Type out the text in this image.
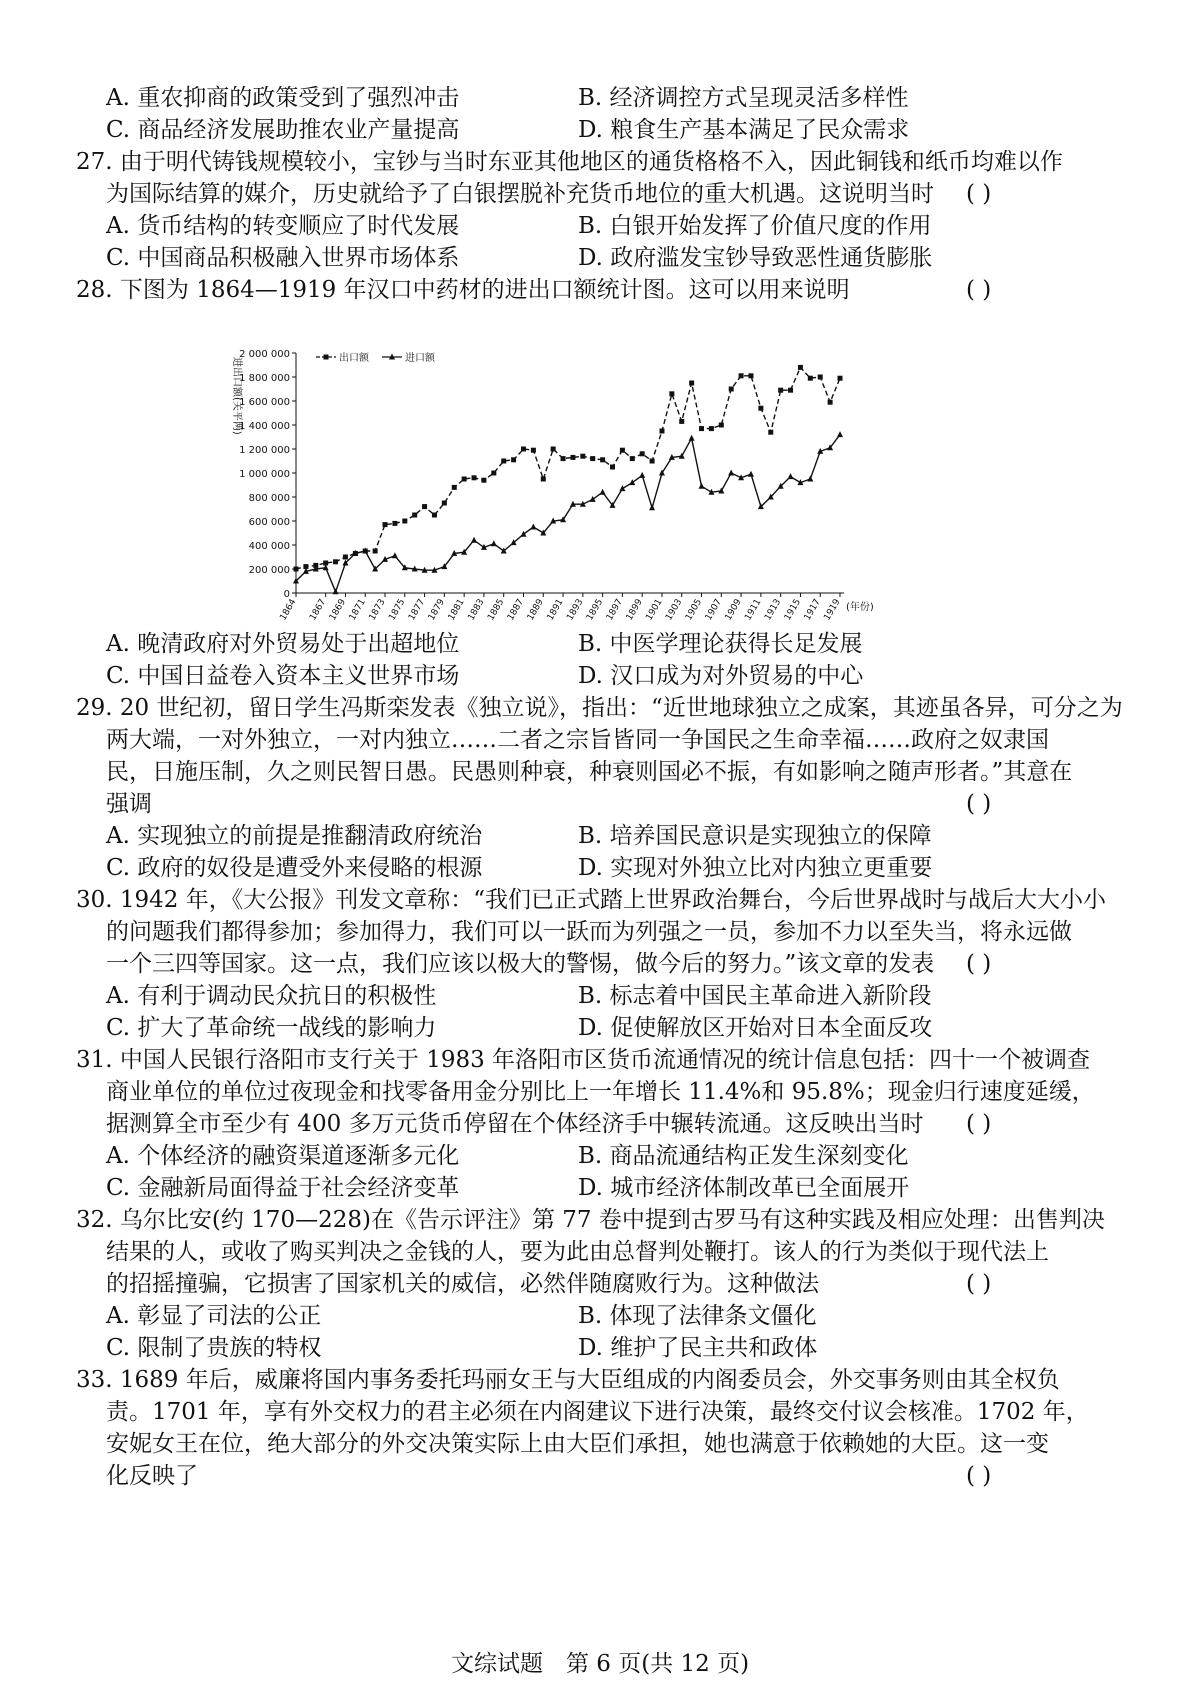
A. 重农抑商的政策受到了强烈冲击	B. 经济调控方式呈现灵活多样性
C. 商品经济发展助推农业产量提高	D. 粮食生产基本满足了民众需求
27. 由于明代铸钱规模较小，宝钞与当时东亚其他地区的通货格格不入，因此铜钱和纸币均难以作
为国际结算的媒介，历史就给予了白银摆脱补充货币地位的重大机遇。这说明当时 ( )
A. 货币结构的转变顺应了时代发展	B. 白银开始发挥了价值尺度的作用
C. 中国商品积极融入世界市场体系	D. 政府滥发宝钞导致恶性通货膨胀
28. 下图为 1864—1919 年汉口中药材的进出口额统计图。这可以用来说明	( )
0
200 000
400 000
600 000
800 000
1 000 000
1 200 000
1 400 000
1 600 000
1 800 000
2 000 000
1864 1867 1869 1871 1873 1875 1877 1879 1881 1883 1885 1887 1889 1891 1893 1895 1897 1899 1901 1903 1905 1907 1909 1911 1913 1915 1917 1919 (年份)
进出口额(关平两)	出口额	进口额
A. 晚清政府对外贸易处于出超地位	B. 中医学理论获得长足发展
C. 中国日益卷入资本主义世界市场	D. 汉口成为对外贸易的中心
29. 20 世纪初，留日学生冯斯栾发表《独立说》，指出：“近世地球独立之成案，其迹虽各异，可分之为
两大端，一对外独立，一对内独立……二者之宗旨皆同一争国民之生命幸福……政府之奴隶国
民，日施压制，久之则民智日愚。民愚则种衰，种衰则国必不振，有如影响之随声形者。”其意在
强调	( )
A. 实现独立的前提是推翻清政府统治	B. 培养国民意识是实现独立的保障
C. 政府的奴役是遭受外来侵略的根源	D. 实现对外独立比对内独立更重要
30. 1942 年，《大公报》刊发文章称：“我们已正式踏上世界政治舞台，今后世界战时与战后大大小小
的问题我们都得参加；参加得力，我们可以一跃而为列强之一员，参加不力以至失当，将永远做
一个三四等国家。这一点，我们应该以极大的警惕，做今后的努力。”该文章的发表 ( )
A. 有利于调动民众抗日的积极性	B. 标志着中国民主革命进入新阶段
C. 扩大了革命统一战线的影响力	D. 促使解放区开始对日本全面反攻
31. 中国人民银行洛阳市支行关于 1983 年洛阳市区货币流通情况的统计信息包括：四十一个被调查
商业单位的单位过夜现金和找零备用金分别比上一年增长 11.4%和 95.8%；现金归行速度延缓，
据测算全市至少有 400 多万元货币停留在个体经济手中辗转流通。这反映出当时 ( )
A. 个体经济的融资渠道逐渐多元化	B. 商品流通结构正发生深刻变化
C. 金融新局面得益于社会经济变革	D. 城市经济体制改革已全面展开
32. 乌尔比安(约 170—228)在《告示评注》第 77 卷中提到古罗马有这种实践及相应处理：出售判决
结果的人，或收了购买判决之金钱的人，要为此由总督判处鞭打。该人的行为类似于现代法上
的招摇撞骗，它损害了国家机关的威信，必然伴随腐败行为。这种做法	( )
A. 彰显了司法的公正	B. 体现了法律条文僵化
C. 限制了贵族的特权	D. 维护了民主共和政体
33. 1689 年后，威廉将国内事务委托玛丽女王与大臣组成的内阁委员会，外交事务则由其全权负
责。1701 年，享有外交权力的君主必须在内阁建议下进行决策，最终交付议会核准。1702 年，
安妮女王在位，绝大部分的外交决策实际上由大臣们承担，她也满意于依赖她的大臣。这一变
化反映了	( )
文综试题　第 6 页(共 12 页)
